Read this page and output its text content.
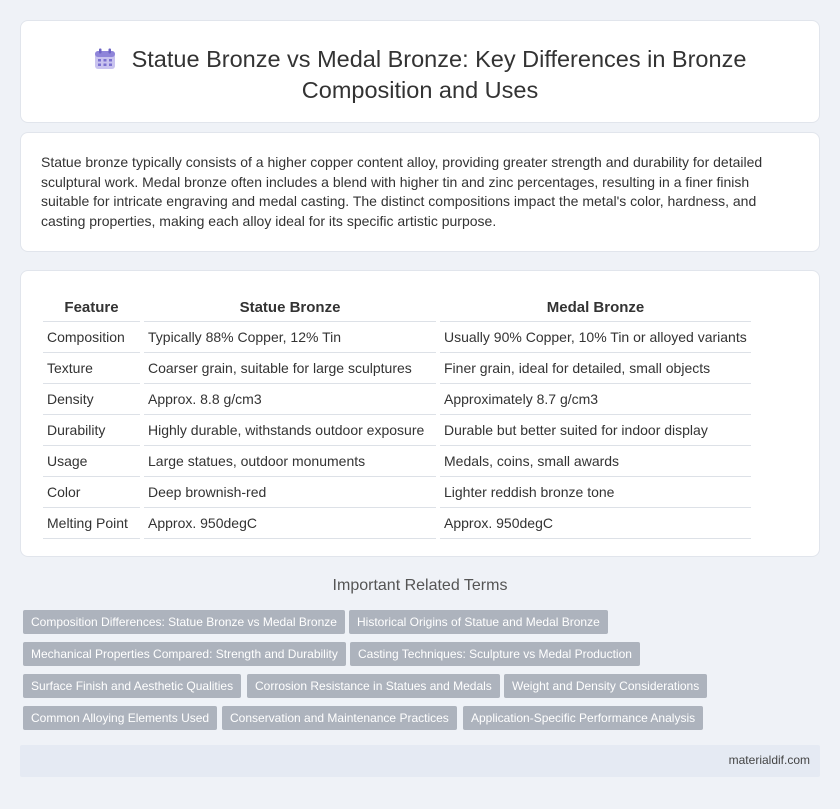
Statue Bronze vs Medal Bronze: Key Differences in Bronze
Composition and Uses

Statue bronze typically consists of a higher copper content alloy, providing greater strength and durability for detailed sculptural work. Medal bronze often includes a blend with higher tin and zinc percentages, resulting in a finer finish suitable for intricate engraving and medal casting. The distinct compositions impact the metal's color, hardness, and casting properties, making each alloy ideal for its specific artistic purpose.

Feature	Statue Bronze	Medal Bronze
Composition	Typically 88% Copper, 12% Tin	Usually 90% Copper, 10% Tin or alloyed variants
Texture	Coarser grain, suitable for large sculptures	Finer grain, ideal for detailed, small objects
Density	Approx. 8.8 g/cm3	Approximately 8.7 g/cm3
Durability	Highly durable, withstands outdoor exposure	Durable but better suited for indoor display
Usage	Large statues, outdoor monuments	Medals, coins, small awards
Color	Deep brownish-red	Lighter reddish bronze tone
Melting Point	Approx. 950degC	Approx. 950degC
Important Related Terms
Composition Differences: Statue Bronze vs Medal Bronze	Historical Origins of Statue and Medal Bronze
Mechanical Properties Compared: Strength and Durability	Casting Techniques: Sculpture vs Medal Production
Surface Finish and Aesthetic Qualities	Corrosion Resistance in Statues and Medals	Weight and Density Considerations
Common Alloying Elements Used	Conservation and Maintenance Practices	Application-Specific Performance Analysis
materialdif.com
